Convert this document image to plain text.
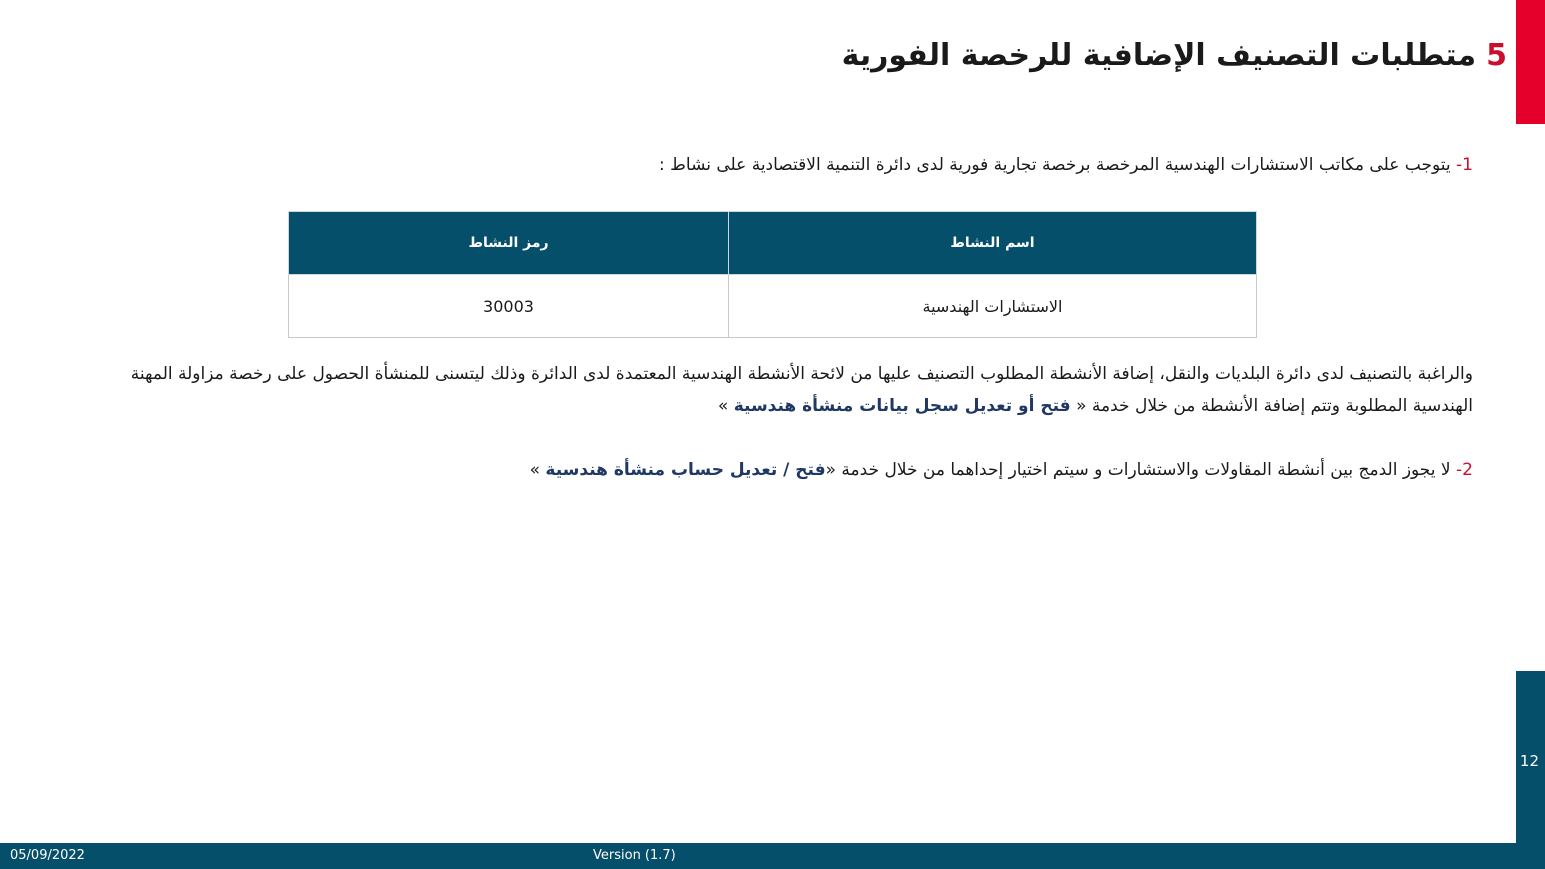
5متطلبات التصنيف الإضافية للرخصة الفورية

1- يتوجب على مكاتب الاستشارات الهندسية المرخصة برخصة تجارية فورية لدى دائرة التنمية الاقتصادية على نشاط :

اسم النشاط	رمز النشاط
الاستشارات الهندسية	30003

والراغبة بالتصنيف لدى دائرة البلديات والنقل، إضافة الأنشطة المطلوب التصنيف عليها من لائحة الأنشطة الهندسية المعتمدة لدى الدائرة وذلك ليتسنى للمنشأة الحصول على رخصة مزاولة المهنة الهندسية المطلوبة وتتم إضافة الأنشطة من خلال خدمة « فتح أو تعديل سجل بيانات منشأة هندسية »

2- لا يجوز الدمج بين أنشطة المقاولات والاستشارات و سيتم اختيار إحداهما من خلال خدمة «فتح / تعديل حساب منشأة هندسية »

12
05/09/2022	Version (1.7)
